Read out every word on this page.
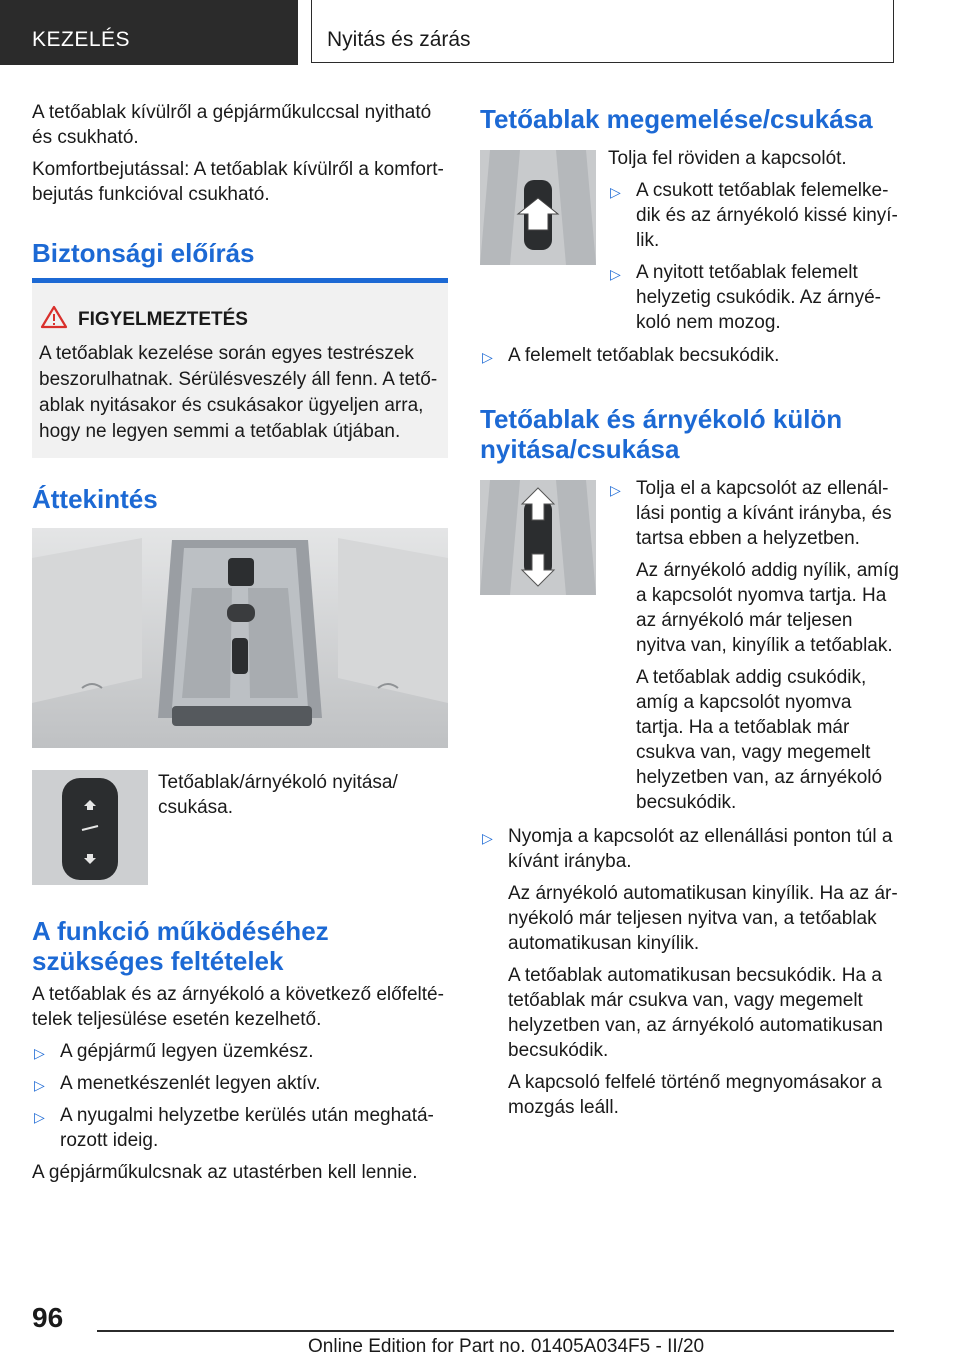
KEZELÉS	Nyitás és zárás

A tetőablak kívülről a gépjárműkulccsal nyitható és csukható.

Komfortbejutással: A tetőablak kívülről a komfort-bejutás funkcióval csukható.

Biztonsági előírás
FIGYELMEZTETÉS
A tetőablak kezelése során egyes testrészek beszorulhatnak. Sérülésveszély áll fenn. A tető-ablak nyitásakor és csukásakor ügyeljen arra, hogy ne legyen semmi a tetőablak útjában.
Áttekintés
Tetőablak/árnyékoló nyitása/ csukása.
A funkció működéséhez
szükséges feltételek

A tetőablak és az árnyékoló a következő előfelté-telek teljesülése esetén kezelhető.

▷ A gépjármű legyen üzemkész.
▷ A menetkészenlét legyen aktív.
▷ A nyugalmi helyzetbe kerülés után meghatá-rozott ideig.

A gépjárműkulcsnak az utastérben kell lennie.

Tetőablak megemelése/csukása

Tolja fel röviden a kapcsolót.

▷ A csukott tetőablak felemelke-dik és az árnyékoló kissé kinyí-lik.
▷ A nyitott tetőablak felemelt helyzetig csukódik. Az árnyé-koló nem mozog.
▷ A felemelt tetőablak becsukódik.
Tetőablak és árnyékoló külön
nyitása/csukása
▷ Tolja el a kapcsolót az ellenál-lási pontig a kívánt irányba, és tartsa ebben a helyzetben.

Az árnyékoló addig nyílik, amíg a kapcsolót nyomva tartja. Ha az árnyékoló már teljesen nyitva van, kinyílik a tetőablak.

A tetőablak addig csukódik, amíg a kapcsolót nyomva tartja. Ha a tetőablak már csukva van, vagy megemelt helyzetben van, az árnyékoló becsukódik.

▷ Nyomja a kapcsolót az ellenállási ponton túl a kívánt irányba.

Az árnyékoló automatikusan kinyílik. Ha az ár-nyékoló már teljesen nyitva van, a tetőablak automatikusan kinyílik.

A tetőablak automatikusan becsukódik. Ha a tetőablak már csukva van, vagy megemelt helyzetben van, az árnyékoló automatikusan becsukódik.

A kapcsoló felfelé történő megnyomásakor a mozgás leáll.

96
Online Edition for Part no. 01405A034F5 - II/20
